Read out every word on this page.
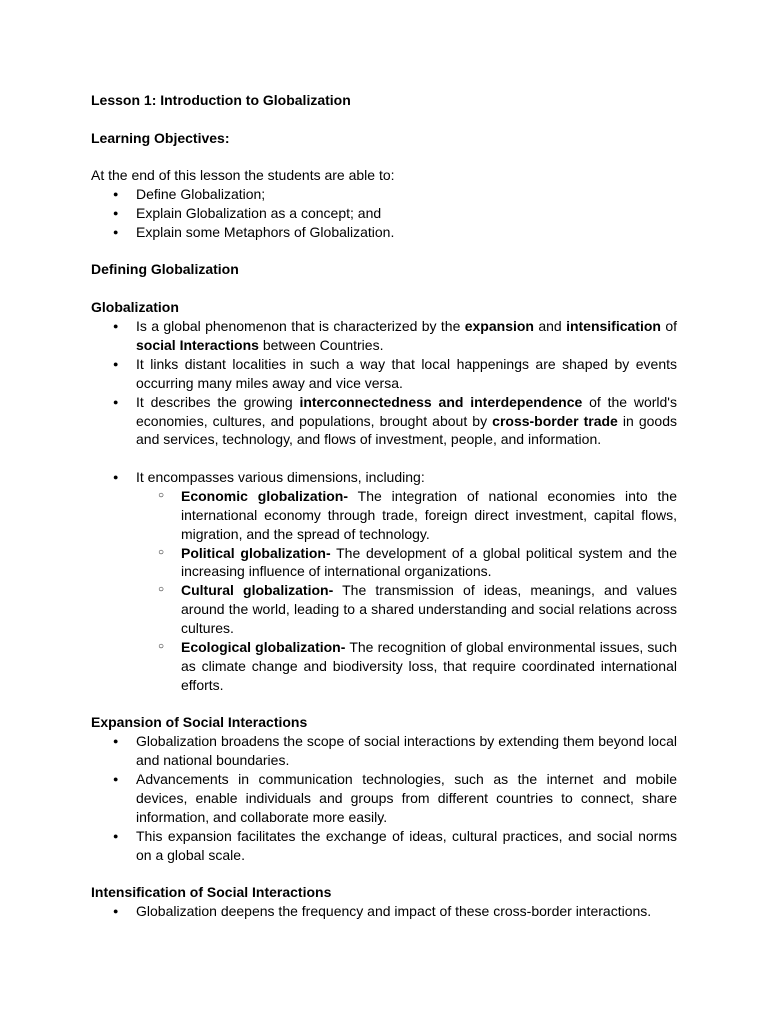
Lesson 1: Introduction to Globalization

Learning Objectives:

At the end of this lesson the students are able to:

● Define Globalization;
● Explain Globalization as a concept; and
● Explain some Metaphors of Globalization.

Defining Globalization

Globalization

● Is a global phenomenon that is characterized by the expansion and intensification of social Interactions between Countries.
● It links distant localities in such a way that local happenings are shaped by events occurring many miles away and vice versa.
● It describes the growing interconnectedness and interdependence of the world's economies, cultures, and populations, brought about by cross-border trade in goods and services, technology, and flows of investment, people, and information.
● It encompasses various dimensions, including:
○ Economic globalization- The integration of national economies into the international economy through trade, foreign direct investment, capital flows, migration, and the spread of technology.
○ Political globalization- The development of a global political system and the increasing influence of international organizations.
○ Cultural globalization- The transmission of ideas, meanings, and values around the world, leading to a shared understanding and social relations across cultures.
○ Ecological globalization- The recognition of global environmental issues, such as climate change and biodiversity loss, that require coordinated international efforts.

Expansion of Social Interactions

● Globalization broadens the scope of social interactions by extending them beyond local and national boundaries.
● Advancements in communication technologies, such as the internet and mobile devices, enable individuals and groups from different countries to connect, share information, and collaborate more easily.
● This expansion facilitates the exchange of ideas, cultural practices, and social norms on a global scale.

Intensification of Social Interactions

● Globalization deepens the frequency and impact of these cross-border interactions.
